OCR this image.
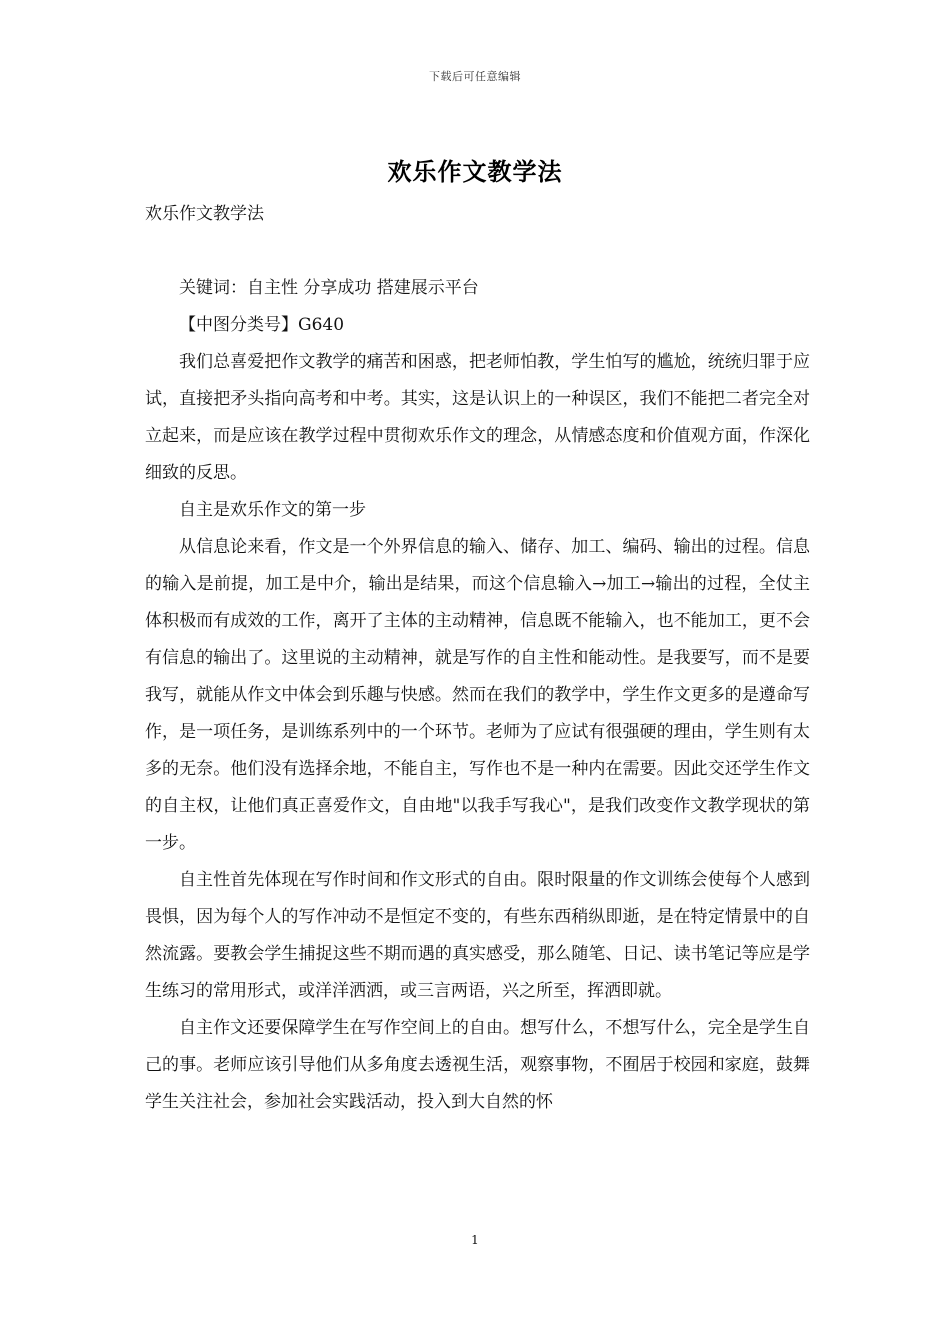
下载后可任意编辑
欢乐作文教学法

欢乐作文教学法

关键词：自主性 分享成功 搭建展示平台

【中图分类号】G640

我们总喜爱把作文教学的痛苦和困惑，把老师怕教，学生怕写的尴尬，统统归罪于应试，直接把矛头指向高考和中考。其实，这是认识上的一种误区，我们不能把二者完全对立起来，而是应该在教学过程中贯彻欢乐作文的理念，从情感态度和价值观方面，作深化细致的反思。

自主是欢乐作文的第一步

从信息论来看，作文是一个外界信息的输入、储存、加工、编码、输出的过程。信息的输入是前提，加工是中介，输出是结果，而这个信息输入→加工→输出的过程，全仗主体积极而有成效的工作，离开了主体的主动精神，信息既不能输入，也不能加工，更不会有信息的输出了。这里说的主动精神，就是写作的自主性和能动性。是我要写，而不是要我写，就能从作文中体会到乐趣与快感。然而在我们的教学中，学生作文更多的是遵命写作，是一项任务，是训练系列中的一个环节。老师为了应试有很强硬的理由，学生则有太多的无奈。他们没有选择余地，不能自主，写作也不是一种内在需要。因此交还学生作文的自主权，让他们真正喜爱作文，自由地"以我手写我心"，是我们改变作文教学现状的第一步。

自主性首先体现在写作时间和作文形式的自由。限时限量的作文训练会使每个人感到畏惧，因为每个人的写作冲动不是恒定不变的，有些东西稍纵即逝，是在特定情景中的自然流露。要教会学生捕捉这些不期而遇的真实感受，那么随笔、日记、读书笔记等应是学生练习的常用形式，或洋洋洒洒，或三言两语，兴之所至，挥洒即就。

自主作文还要保障学生在写作空间上的自由。想写什么，不想写什么，完全是学生自己的事。老师应该引导他们从多角度去透视生活，观察事物，不囿居于校园和家庭，鼓舞学生关注社会，参加社会实践活动，投入到大自然的怀

1
